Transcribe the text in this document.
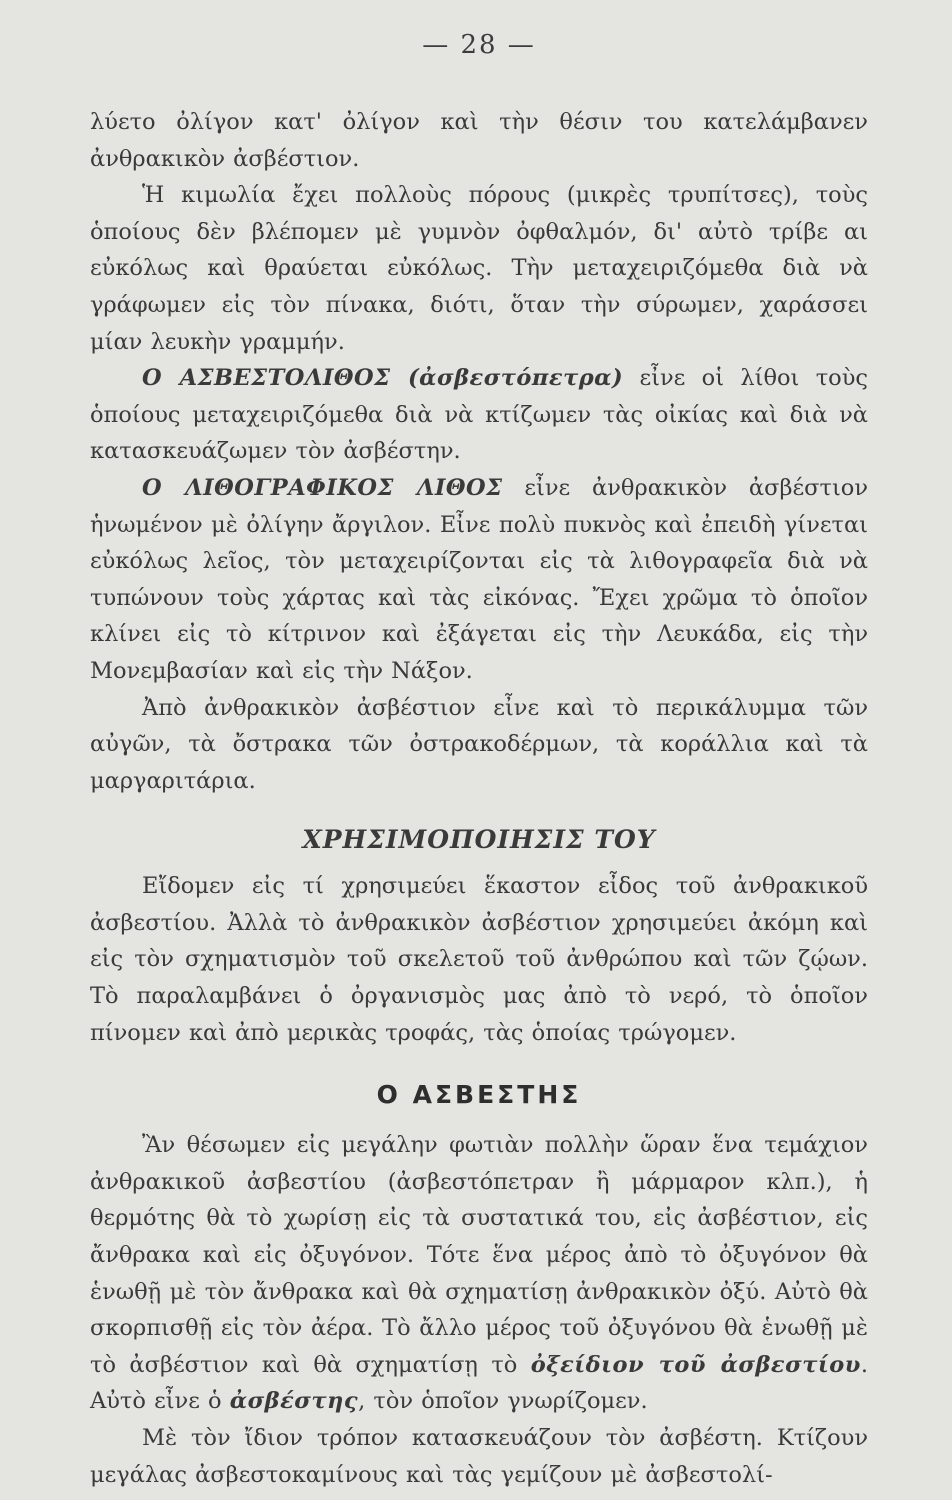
— 28 —

λύετο ὀλίγον κατ' ὀλίγον καὶ τὴν θέσιν του κατελάμβανεν ἀνθρακικὸν ἀσβέστιον.

Ἡ κιμωλία ἔχει πολλοὺς πόρους (μικρὲς τρυπίτσες), τοὺς ὁποίους δὲν βλέπομεν μὲ γυμνὸν ὀφθαλμόν, δι' αὐτὸ τρίβε αι εὐκόλως καὶ θραύεται εὐκόλως. Τὴν μεταχειριζόμεθα διὰ νὰ γράφωμεν εἰς τὸν πίνακα, διότι, ὅταν τὴν σύρωμεν, χαράσσει μίαν λευκὴν γραμμήν.

Ο ΑΣΒΕΣΤΟΛΙΘΟΣ (ἀσβεστόπετρα) εἶνε οἱ λίθοι τοὺς ὁποίους μεταχειριζόμεθα διὰ νὰ κτίζωμεν τὰς οἰκίας καὶ διὰ νὰ κατασκευάζωμεν τὸν ἀσβέστην.

Ο ΛΙΘΟΓΡΑΦΙΚΟΣ ΛΙΘΟΣ εἶνε ἀνθρακικὸν ἀσβέστιον ἡνωμένον μὲ ὀλίγην ἄργιλον. Εἶνε πολὺ πυκνὸς καὶ ἐπειδὴ γίνεται εὐκόλως λεῖος, τὸν μεταχειρίζονται εἰς τὰ λιθογραφεῖα διὰ νὰ τυπώνουν τοὺς χάρτας καὶ τὰς εἰκόνας. Ἔχει χρῶμα τὸ ὁποῖον κλίνει εἰς τὸ κίτρινον καὶ ἐξάγεται εἰς τὴν Λευκάδα, εἰς τὴν Μονεμβασίαν καὶ εἰς τὴν Νάξον.

Ἀπὸ ἀνθρακικὸν ἀσβέστιον εἶνε καὶ τὸ περικάλυμμα τῶν αὐγῶν, τὰ ὄστρακα τῶν ὀστρακοδέρμων, τὰ κοράλλια καὶ τὰ μαργαριτάρια.

ΧΡΗΣΙΜΟΠΟΙΗΣΙΣ ΤΟΥ

Εἴδομεν εἰς τί χρησιμεύει ἕκαστον εἶδος τοῦ ἀνθρακικοῦ ἀσβεστίου. Ἀλλὰ τὸ ἀνθρακικὸν ἀσβέστιον χρησιμεύει ἀκόμη καὶ εἰς τὸν σχηματισμὸν τοῦ σκελετοῦ τοῦ ἀνθρώπου καὶ τῶν ζῴων. Τὸ παραλαμβάνει ὁ ὀργανισμὸς μας ἀπὸ τὸ νερό, τὸ ὁποῖον πίνομεν καὶ ἀπὸ μερικὰς τροφάς, τὰς ὁποίας τρώγομεν.

Ο ΑΣΒΕΣΤΗΣ

Ἂν θέσωμεν εἰς μεγάλην φωτιὰν πολλὴν ὥραν ἕνα τεμάχιον ἀνθρακικοῦ ἀσβεστίου (ἀσβεστόπετραν ἢ μάρμαρον κλπ.), ἡ θερμότης θὰ τὸ χωρίσῃ εἰς τὰ συστατικά του, εἰς ἀσβέστιον, εἰς ἄνθρακα καὶ εἰς ὀξυγόνον. Τότε ἕνα μέρος ἀπὸ τὸ ὀξυγόνον θὰ ἑνωθῇ μὲ τὸν ἄνθρακα καὶ θὰ σχηματίσῃ ἀνθρακικὸν ὀξύ. Αὐτὸ θὰ σκορπισθῇ εἰς τὸν ἀέρα. Τὸ ἄλλο μέρος τοῦ ὀξυγόνου θὰ ἑνωθῇ μὲ τὸ ἀσβέστιον καὶ θὰ σχηματίσῃ τὸ ὀξείδιον τοῦ ἀσβεστίου. Αὐτὸ εἶνε ὁ ἀσβέστης, τὸν ὁποῖον γνωρίζομεν.

Μὲ τὸν ἴδιον τρόπον κατασκευάζουν τὸν ἀσβέστη. Κτίζουν μεγάλας ἀσβεστοκαμίνους καὶ τὰς γεμίζουν μὲ ἀσβεστολί-
